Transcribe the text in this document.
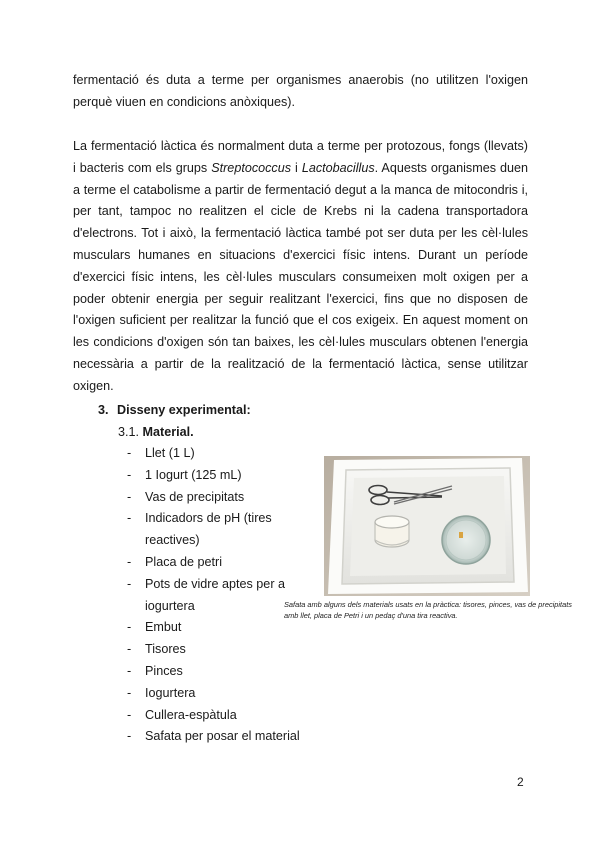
fermentació és duta a terme per organismes anaerobis (no utilitzen l'oxigen perquè viuen en condicions anòxiques).

La fermentació làctica és normalment duta a terme per protozous, fongs (llevats) i bacteris com els grups Streptococcus i Lactobacillus. Aquests organismes duen a terme el catabolisme a partir de fermentació degut a la manca de mitocondris i, per tant, tampoc no realitzen el cicle de Krebs ni la cadena transportadora d'electrons. Tot i això, la fermentació làctica també pot ser duta per les cèl·lules musculars humanes en situacions d'exercici físic intens. Durant un període d'exercici físic intens, les cèl·lules musculars consumeixen molt oxigen per a poder obtenir energia per seguir realitzant l'exercici, fins que no disposen de l'oxigen suficient per realitzar la funció que el cos exigeix. En aquest moment on les condicions d'oxigen són tan baixes, les cèl·lules musculars obtenen l'energia necessària a partir de la realització de la fermentació làctica, sense utilitzar oxigen.

3. Disseny experimental:

3.1. Material.

- Llet (1 L)
- 1 Iogurt (125 mL)
- Vas de precipitats
- Indicadors de pH (tires reactives)
- Placa de petri
- Pots de vidre aptes per a iogurtera
- Embut
- Tisores
- Pinces
- Iogurtera
- Cullera-espàtula
- Safata per posar el material

Safata amb alguns dels materials usats en la pràctica: tisores, pinces, vas de precipitats amb llet, placa de Petri i un pedaç d'una tira reactiva.

2
